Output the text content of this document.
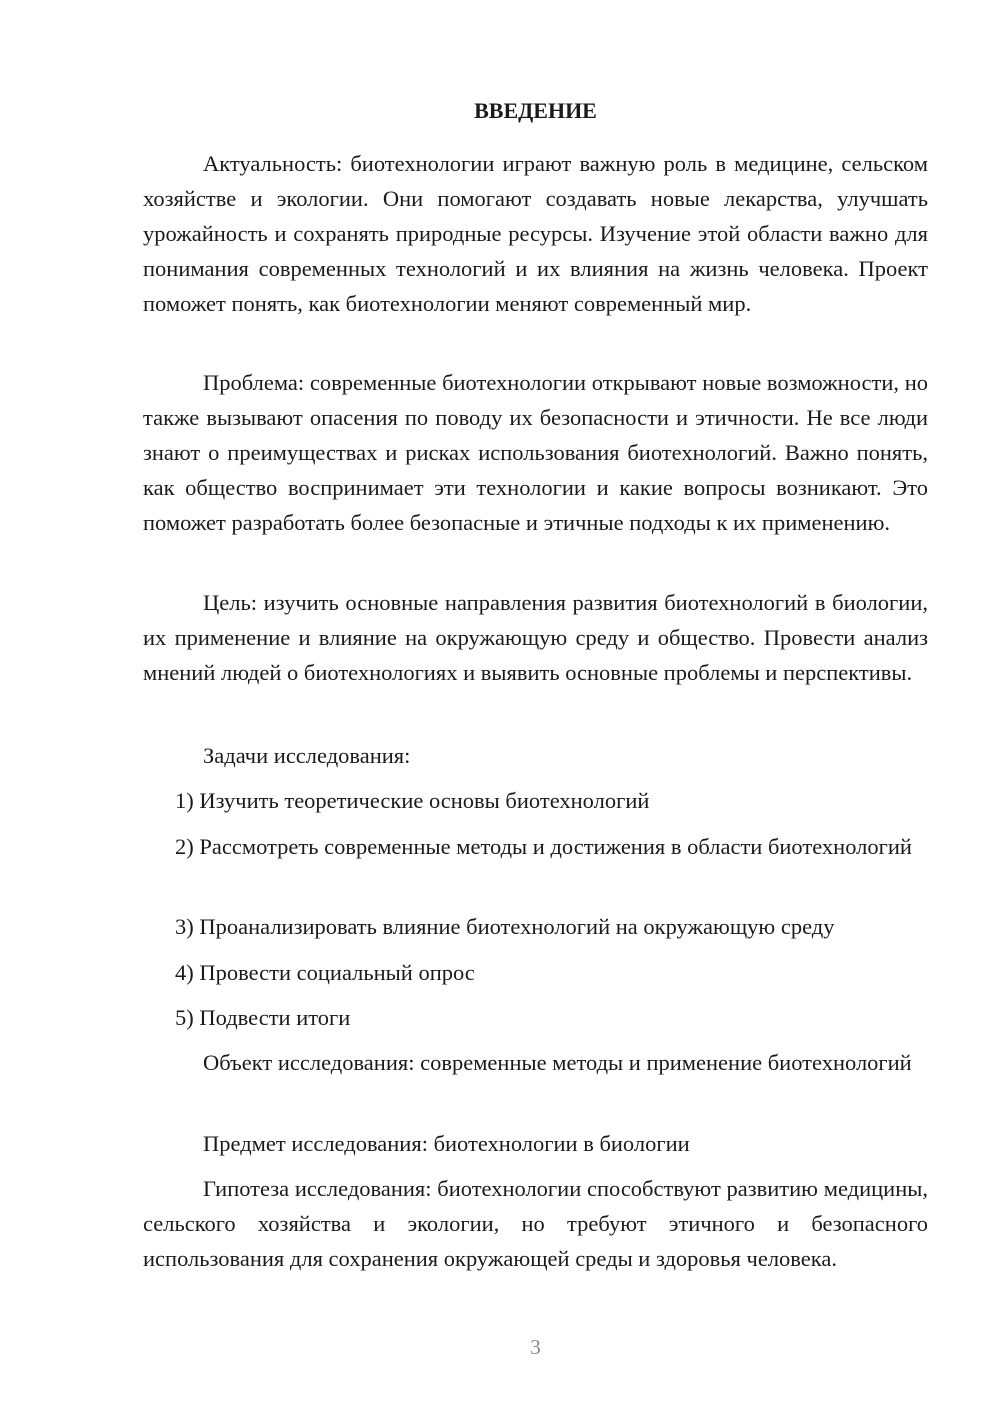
ВВЕДЕНИЕ

Актуальность: биотехнологии играют важную роль в медицине, сельском хозяйстве и экологии. Они помогают создавать новые лекарства, улучшать урожайность и сохранять природные ресурсы. Изучение этой области важно для понимания современных технологий и их влияния на жизнь человека. Проект поможет понять, как биотехнологии меняют современный мир.

Проблема: современные биотехнологии открывают новые возможности, но также вызывают опасения по поводу их безопасности и этичности. Не все люди знают о преимуществах и рисках использования биотехнологий. Важно понять, как общество воспринимает эти технологии и какие вопросы возникают. Это поможет разработать более безопасные и этичные подходы к их применению.

Цель: изучить основные направления развития биотехнологий в биологии, их применение и влияние на окружающую среду и общество. Провести анализ мнений людей о биотехнологиях и выявить основные проблемы и перспективы.

Задачи исследования:

1) Изучить теоретические основы биотехнологий

2) Рассмотреть современные методы и достижения в области биотехнологий

3) Проанализировать влияние биотехнологий на окружающую среду

4) Провести социальный опрос

5) Подвести итоги

Объект исследования: современные методы и применение биотехнологий

Предмет исследования: биотехнологии в биологии

Гипотеза исследования: биотехнологии способствуют развитию медицины, сельского хозяйства и экологии, но требуют этичного и безопасного использования для сохранения окружающей среды и здоровья человека.

3
